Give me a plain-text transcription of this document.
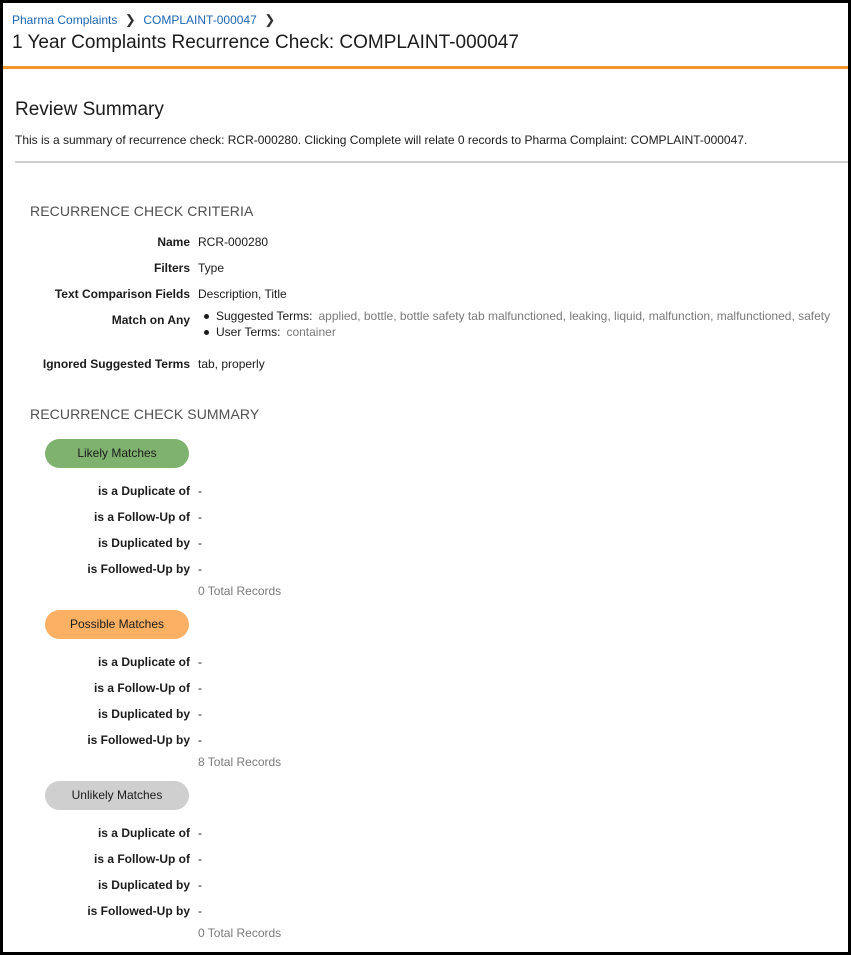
Pharma Complaints ❯ COMPLAINT-000047 ❯
1 Year Complaints Recurrence Check: COMPLAINT-000047
Review Summary
This is a summary of recurrence check: RCR-000280. Clicking Complete will relate 0 records to Pharma Complaint: COMPLAINT-000047.
RECURRENCE CHECK CRITERIA
Name RCR-000280
Filters Type
Text Comparison Fields Description, Title
Match on Any	Suggested Terms: applied, bottle, bottle safety tab malfunctioned, leaking, liquid, malfunction, malfunctioned, safety
User Terms: container
Ignored Suggested Terms tab, properly
RECURRENCE CHECK SUMMARY
Likely Matches
is a Duplicate of -
is a Follow-Up of -
is Duplicated by -
is Followed-Up by -
0 Total Records
Possible Matches
is a Duplicate of -
is a Follow-Up of -
is Duplicated by -
is Followed-Up by -
8 Total Records
Unlikely Matches
is a Duplicate of -
is a Follow-Up of -
is Duplicated by -
is Followed-Up by -
0 Total Records
